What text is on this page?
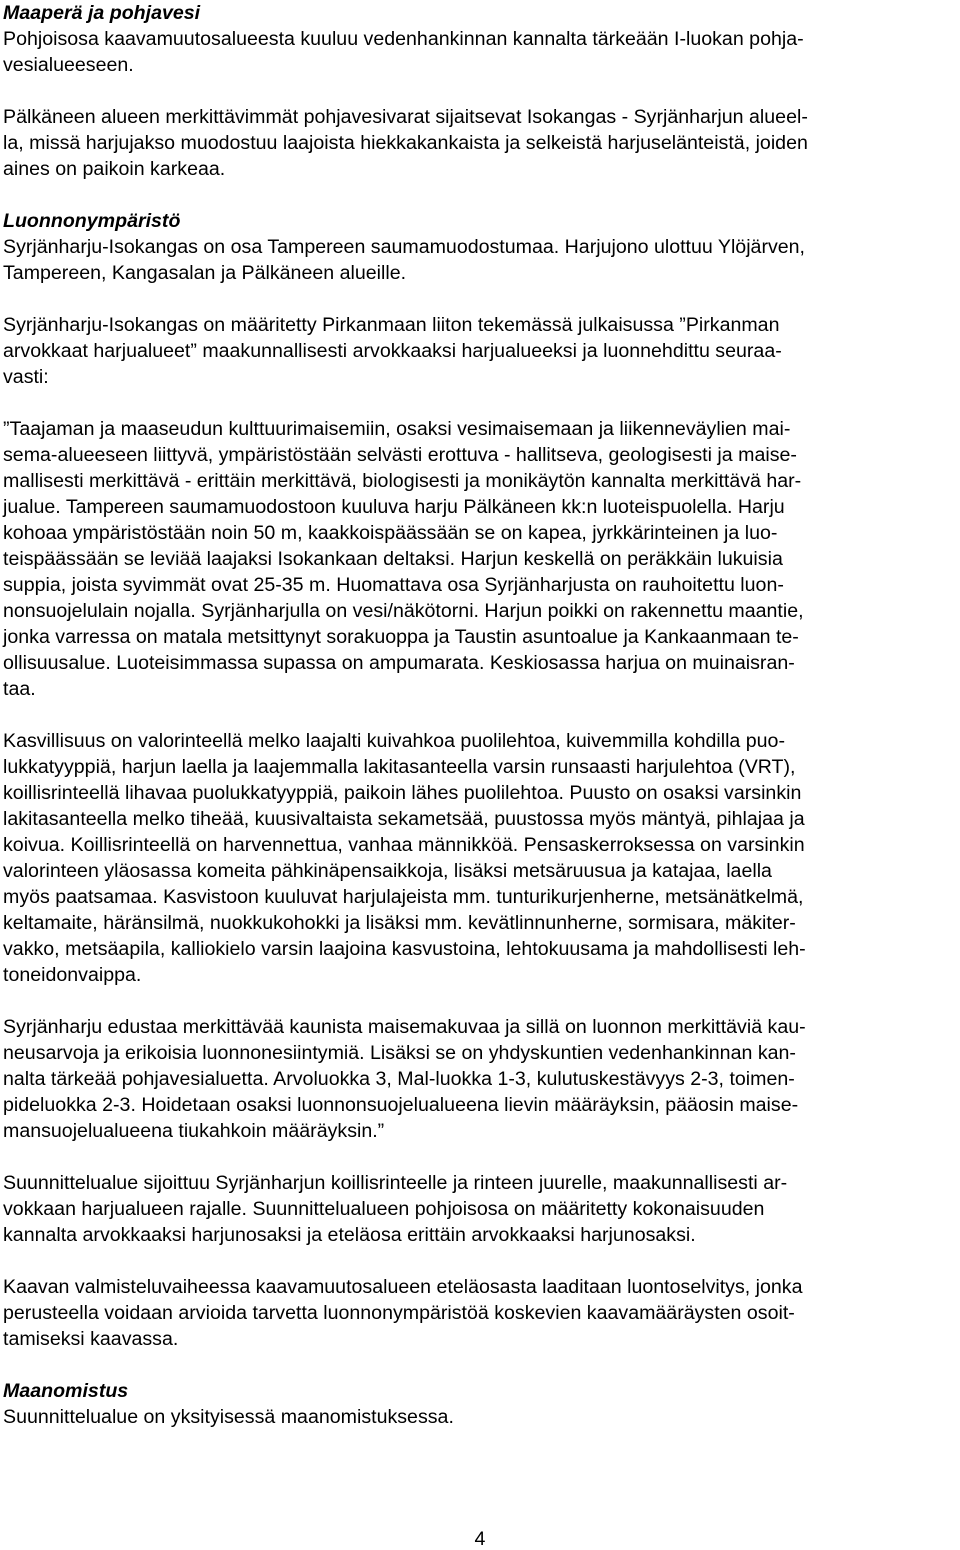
Maaperä ja pohjavesi

Pohjoisosa kaavamuutosalueesta kuuluu vedenhankinnan kannalta tärkeään I-luokan pohja-
vesialueeseen.

Pälkäneen alueen merkittävimmät pohjavesivarat sijaitsevat Isokangas - Syrjänharjun alueel-
la, missä harjujakso muodostuu laajoista hiekkakankaista ja selkeistä harjuselänteistä, joiden
aines on paikoin karkeaa.

Luonnonympäristö

Syrjänharju-Isokangas on osa Tampereen saumamuodostumaa. Harjujono ulottuu Ylöjärven,
Tampereen, Kangasalan ja Pälkäneen alueille.

Syrjänharju-Isokangas on määritetty Pirkanmaan liiton tekemässä julkaisussa ”Pirkanman
arvokkaat harjualueet” maakunnallisesti arvokkaaksi harjualueeksi ja luonnehdittu seuraa-
vasti:

”Taajaman ja maaseudun kulttuurimaisemiin, osaksi vesimaisemaan ja liikenneväylien mai-
sema-alueeseen liittyvä, ympäristöstään selvästi erottuva - hallitseva, geologisesti ja maise-
mallisesti merkittävä - erittäin merkittävä, biologisesti ja monikäytön kannalta merkittävä har-
jualue. Tampereen saumamuodostoon kuuluva harju Pälkäneen kk:n luoteispuolella. Harju
kohoaa ympäristöstään noin 50 m, kaakkoispäässään se on kapea, jyrkkärinteinen ja luo-
teispäässään se leviää laajaksi Isokankaan deltaksi. Harjun keskellä on peräkkäin lukuisia
suppia, joista syvimmät ovat 25-35 m. Huomattava osa Syrjänharjusta on rauhoitettu luon-
nonsuojelulain nojalla. Syrjänharjulla on vesi/näkötorni. Harjun poikki on rakennettu maantie,
jonka varressa on matala metsittynyt sorakuoppa ja Taustin asuntoalue ja Kankaanmaan te-
ollisuusalue. Luoteisimmassa supassa on ampumarata. Keskiosassa harjua on muinaisran-
taa.

Kasvillisuus on valorinteellä melko laajalti kuivahkoa puolilehtoa, kuivemmilla kohdilla puo-
lukkatyyppiä, harjun laella ja laajemmalla lakitasanteella varsin runsaasti harjulehtoa (VRT),
koillisrinteellä lihavaa puolukkatyyppiä, paikoin lähes puolilehtoa. Puusto on osaksi varsinkin
lakitasanteella melko tiheää, kuusivaltaista sekametsää, puustossa myös mäntyä, pihlajaa ja
koivua. Koillisrinteellä on harvennettua, vanhaa männikköä. Pensaskerroksessa on varsinkin
valorinteen yläosassa komeita pähkinäpensaikkoja, lisäksi metsäruusua ja katajaa, laella
myös paatsamaa. Kasvistoon kuuluvat harjulajeista mm. tunturikurjenherne, metsänätkelmä,
keltamaite, häränsilmä, nuokkukohokki ja lisäksi mm. kevätlinnunherne, sormisara, mäkiter-
vakko, metsäapila, kalliokielo varsin laajoina kasvustoina, lehtokuusama ja mahdollisesti leh-
toneidonvaippa.

Syrjänharju edustaa merkittävää kaunista maisemakuvaa ja sillä on luonnon merkittäviä kau-
neusarvoja ja erikoisia luonnonesiintymiä. Lisäksi se on yhdyskuntien vedenhankinnan kan-
nalta tärkeää pohjavesialuetta. Arvoluokka 3, Mal-luokka 1-3, kulutuskestävyys 2-3, toimen-
pideluokka 2-3. Hoidetaan osaksi luonnonsuojelualueena lievin määräyksin, pääosin maise-
mansuojelualueena tiukahkoin määräyksin.”

Suunnittelualue sijoittuu Syrjänharjun koillisrinteelle ja rinteen juurelle, maakunnallisesti ar-
vokkaan harjualueen rajalle. Suunnittelualueen pohjoisosa on määritetty kokonaisuuden
kannalta arvokkaaksi harjunosaksi ja eteläosa erittäin arvokkaaksi harjunosaksi.

Kaavan valmisteluvaiheessa kaavamuutosalueen eteläosasta laaditaan luontoselvitys, jonka
perusteella voidaan arvioida tarvetta luonnonympäristöä koskevien kaavamääräysten osoit-
tamiseksi kaavassa.

Maanomistus

Suunnittelualue on yksityisessä maanomistuksessa.

4
